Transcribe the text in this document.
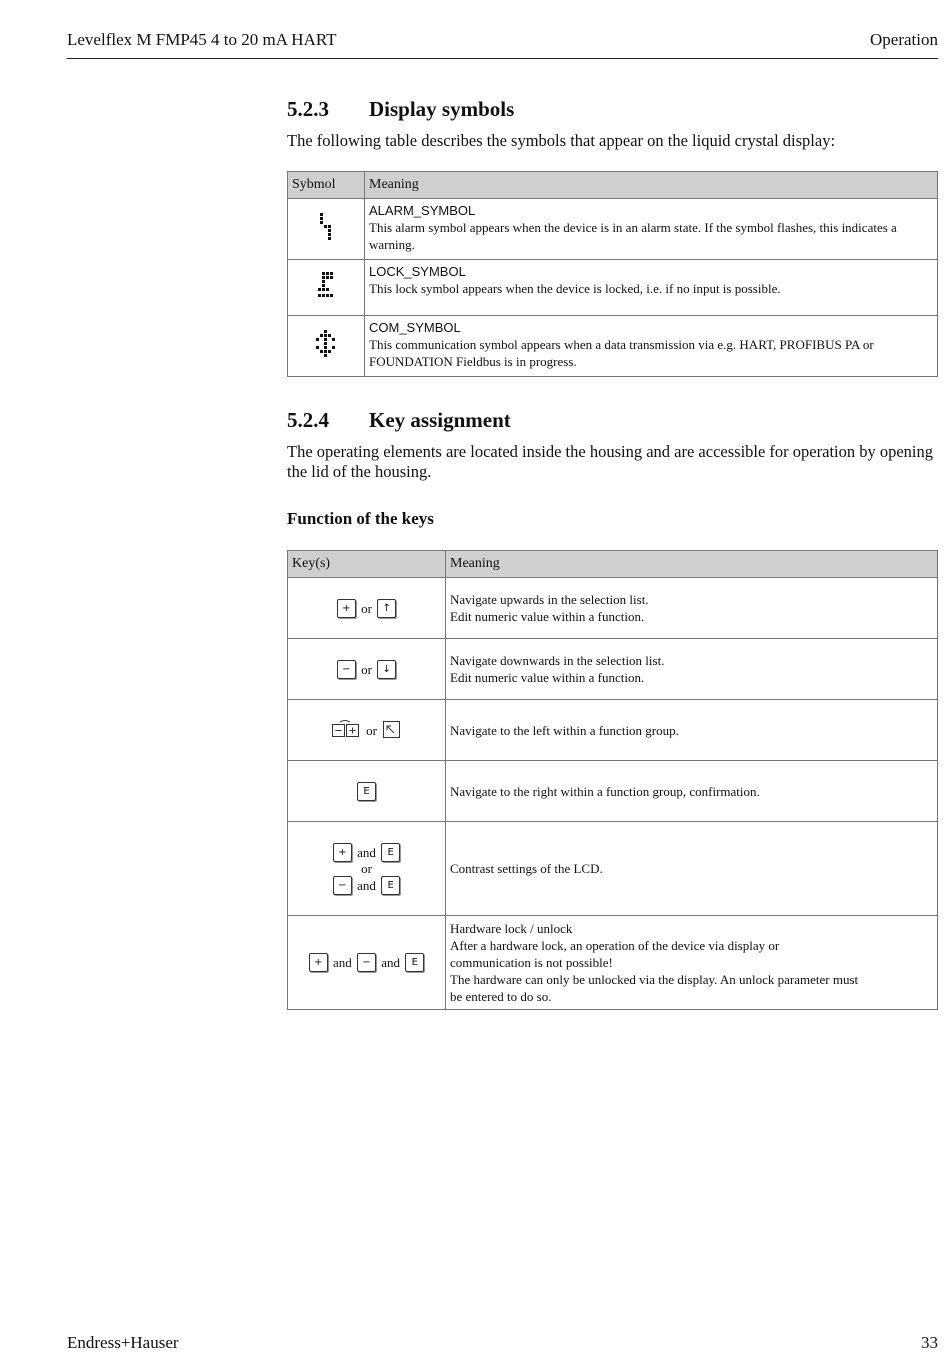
Levelflex M FMP45 4 to 20 mA HART	Operation
5.2.3 Display symbols
The following table describes the symbols that appear on the liquid crystal display:
Sybmol	Meaning

ALARM_SYMBOL
This alarm symbol appears when the device is in an alarm state. If the symbol flashes, this indicates a warning.

LOCK_SYMBOL
This lock symbol appears when the device is locked, i.e. if no input is possible.

COM_SYMBOL
This communication symbol appears when a data transmission via e.g. HART, PROFIBUS PA or FOUNDATION Fieldbus is in progress.
5.2.4 Key assignment
The operating elements are located inside the housing and are accessible for operation by opening the lid of the housing.
Function of the keys
Key(s)	Meaning
+ or ↑	Navigate upwards in the selection list.
Edit numeric value within a function.

− or ↓	Navigate downwards in the selection list.
Edit numeric value within a function.

or	Navigate to the left within a function group.

E	Navigate to the right within a function group, confirmation.

+ and E
or
− and E	Contrast settings of the LCD.

+ and − and E	Hardware lock / unlock
After a hardware lock, an operation of the device via display or
communication is not possible!
The hardware can only be unlocked via the display. An unlock parameter must
be entered to do so.
Endress+Hauser	33
